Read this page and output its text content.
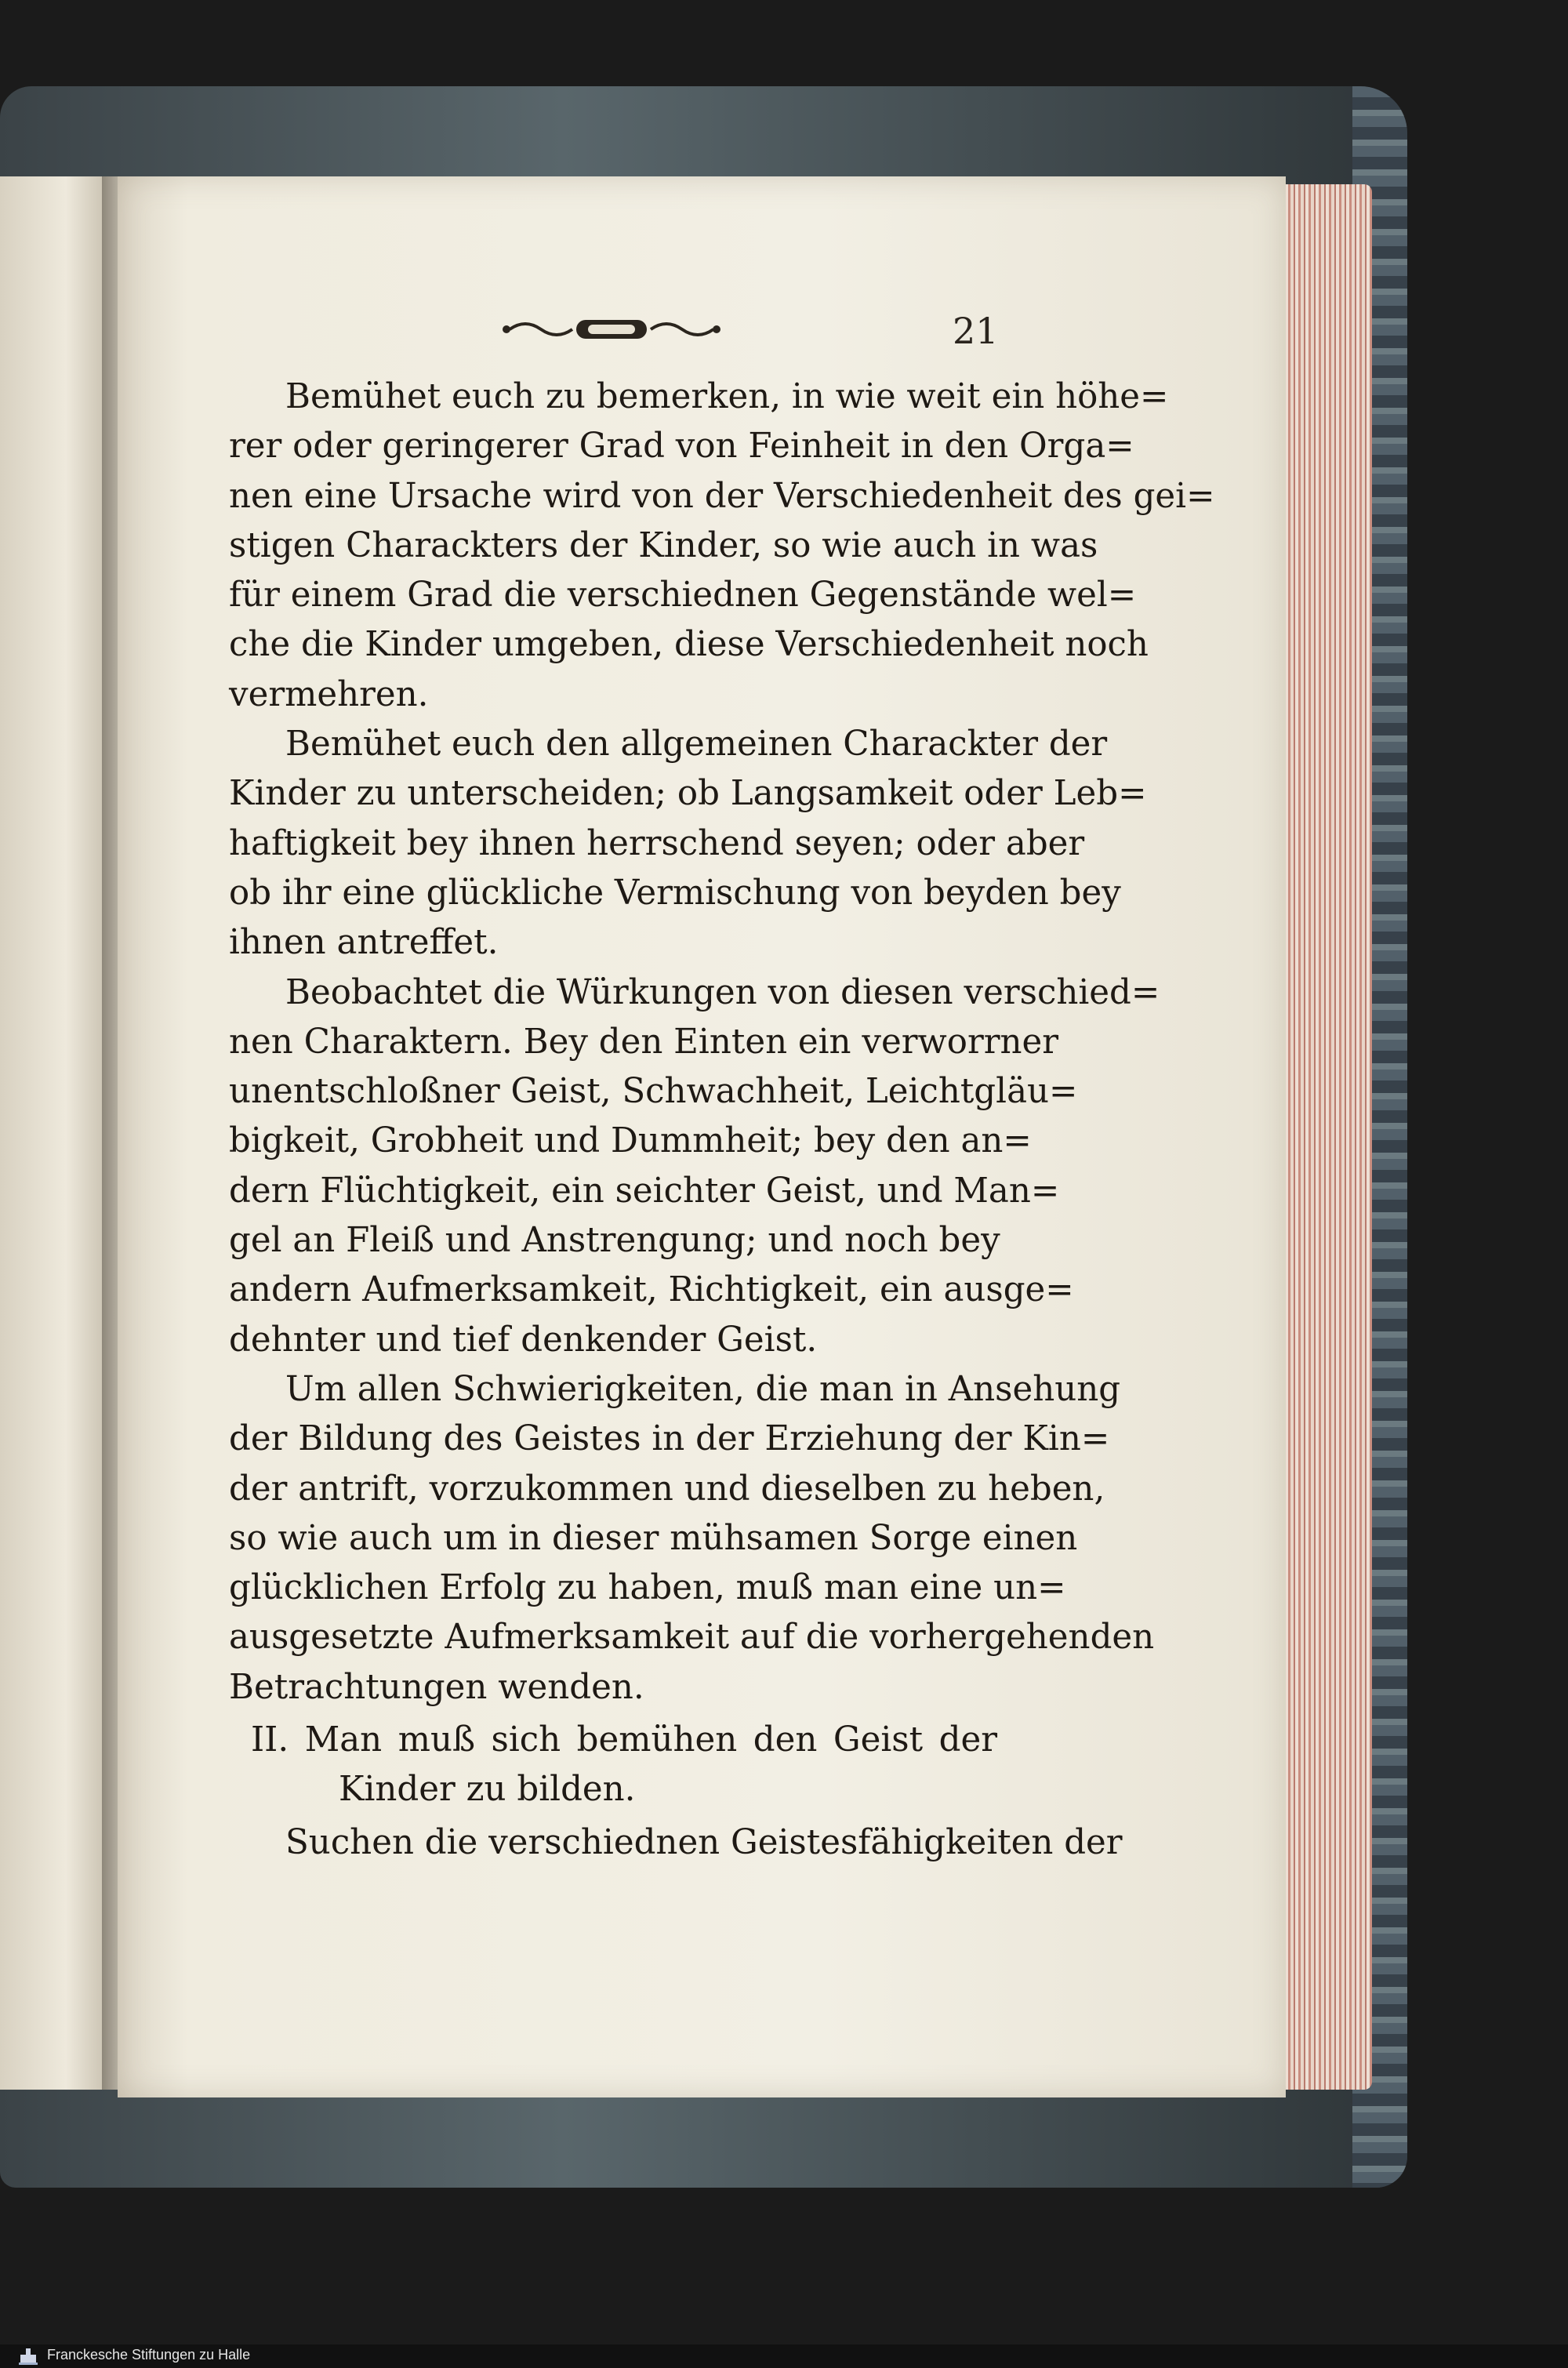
21
Bemühet euch zu bemerken, in wie weit ein höhe=
rer oder geringerer Grad von Feinheit in den Orga=
nen eine Ursache wird von der Verschiedenheit des gei=
stigen Charackters der Kinder, so wie auch in was
für einem Grad die verschiednen Gegenstände wel=
che die Kinder umgeben, diese Verschiedenheit noch
vermehren.
Bemühet euch den allgemeinen Charackter der
Kinder zu unterscheiden; ob Langsamkeit oder Leb=
haftigkeit bey ihnen herrschend seyen; oder aber
ob ihr eine glückliche Vermischung von beyden bey
ihnen antreffet.
Beobachtet die Würkungen von diesen verschied=
nen Charaktern. Bey den Einten ein verworrner
unentschloßner Geist, Schwachheit, Leichtgläu=
bigkeit, Grobheit und Dummheit; bey den an=
dern Flüchtigkeit, ein seichter Geist, und Man=
gel an Fleiß und Anstrengung; und noch bey
andern Aufmerksamkeit, Richtigkeit, ein ausge=
dehnter und tief denkender Geist.
Um allen Schwierigkeiten, die man in Ansehung
der Bildung des Geistes in der Erziehung der Kin=
der antrift, vorzukommen und dieselben zu heben,
so wie auch um in dieser mühsamen Sorge einen
glücklichen Erfolg zu haben, muß man eine un=
ausgesetzte Aufmerksamkeit auf die vorhergehenden
Betrachtungen wenden.
II. Man muß sich bemühen den Geist der
Kinder zu bilden.
Suchen die verschiednen Geistesfähigkeiten der
Franckesche Stiftungen zu Halle
